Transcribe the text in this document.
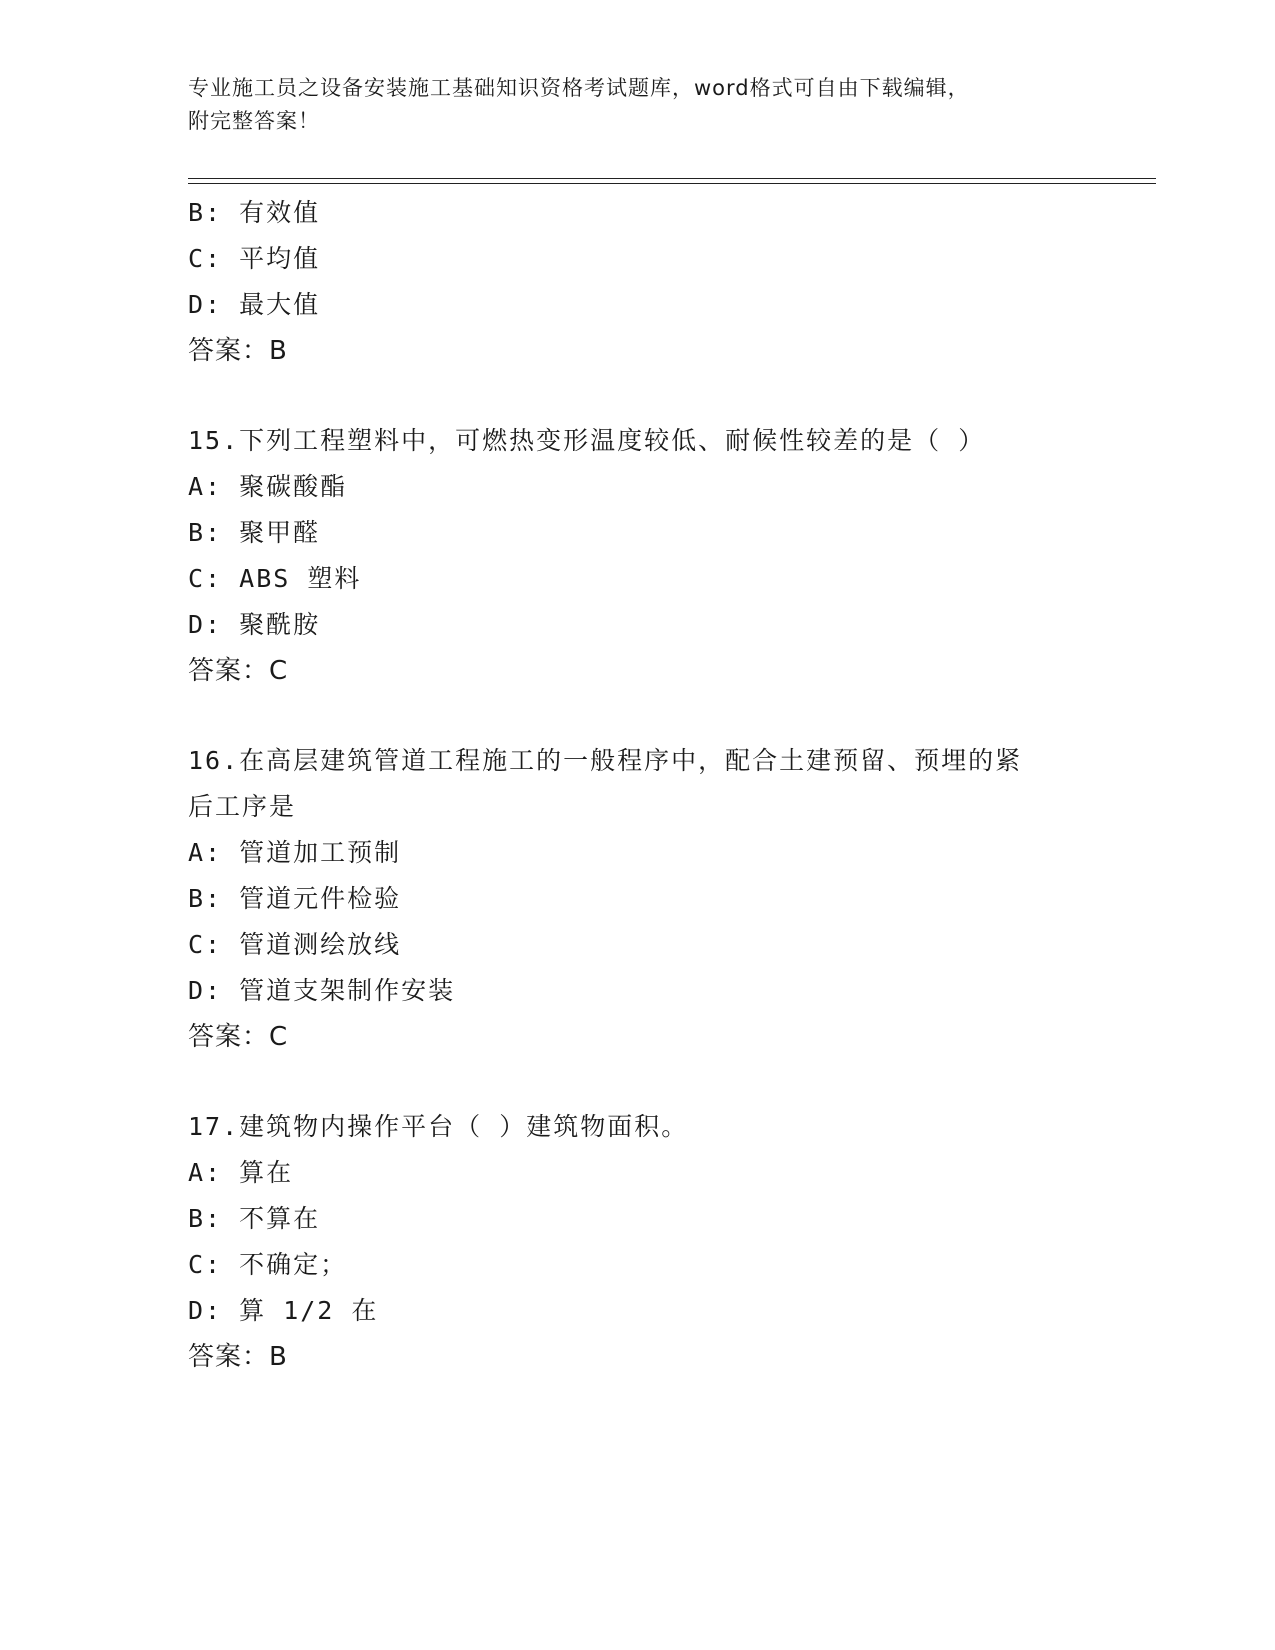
专业施工员之设备安装施工基础知识资格考试题库，word格式可自由下载编辑，
附完整答案！
B: 有效值
C: 平均值
D: 最大值
答案：B
15.下列工程塑料中，可燃热变形温度较低、耐候性较差的是（ ）
A: 聚碳酸酯
B: 聚甲醛
C: ABS 塑料
D: 聚酰胺
答案：C
16.在高层建筑管道工程施工的一般程序中，配合土建预留、预埋的紧
后工序是
A: 管道加工预制
B: 管道元件检验
C: 管道测绘放线
D: 管道支架制作安装
答案：C
17.建筑物内操作平台（ ）建筑物面积。
A: 算在
B: 不算在
C: 不确定；
D: 算 1/2 在
答案：B
